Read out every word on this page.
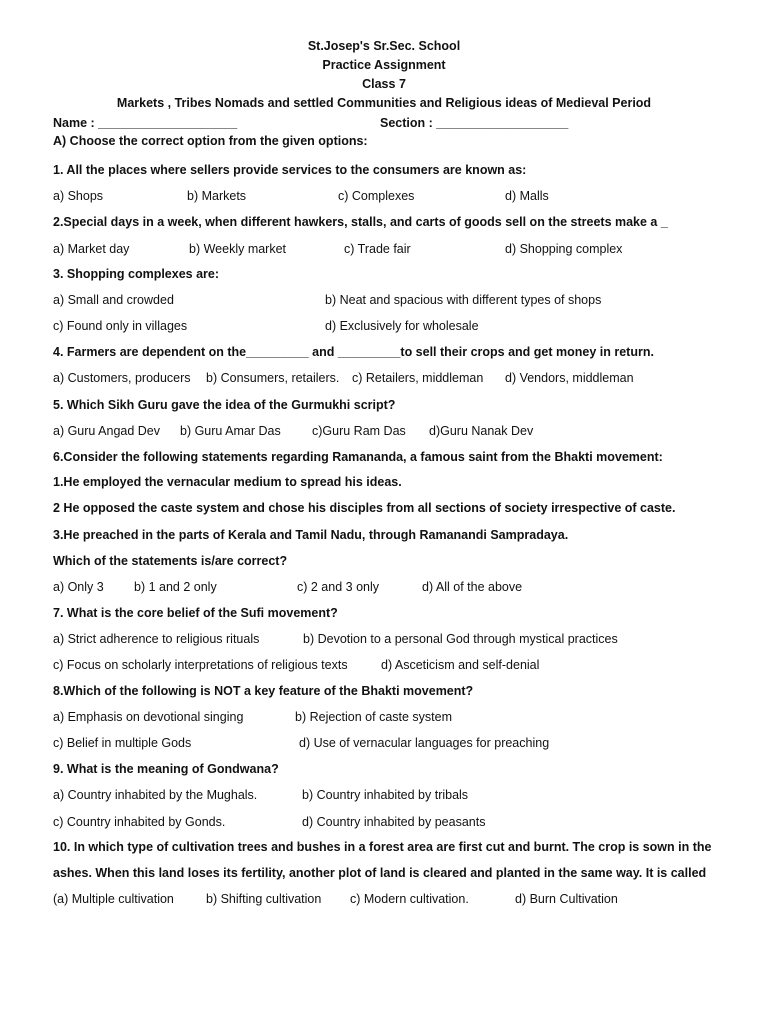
St.Josep's Sr.Sec. School
Practice Assignment
Class 7
Markets , Tribes Nomads and settled Communities and Religious ideas of Medieval Period
Name : ____________________	Section : ___________________
A) Choose the correct option from the given options:
1. All the places where sellers provide services to the consumers are known as:
a) Shops	b) Markets	c) Complexes	d) Malls
2.Special days in a week, when different hawkers, stalls, and carts of goods sell on the streets make a _
a) Market day	b) Weekly market	c) Trade fair	d) Shopping complex
3. Shopping complexes are:
a) Small and crowded	b) Neat and spacious with different types of shops
c) Found only in villages	d) Exclusively for wholesale
4. Farmers are dependent on the_________ and _________to sell their crops and get money in return.
a) Customers, producers b) Consumers, retailers. c) Retailers, middleman d) Vendors, middleman
5. Which Sikh Guru gave the idea of the Gurmukhi script?
a) Guru Angad Dev b) Guru Amar Das	c)Guru Ram Das d)Guru Nanak Dev
6.Consider the following statements regarding Ramananda, a famous saint from the Bhakti movement:
1.He employed the vernacular medium to spread his ideas.
2 He opposed the caste system and chose his disciples from all sections of society irrespective of caste.
3.He preached in the parts of Kerala and Tamil Nadu, through Ramanandi Sampradaya.
Which of the statements is/are correct?
a) Only 3 b) 1 and 2 only	c) 2 and 3 only	d) All of the above
7. What is the core belief of the Sufi movement?
a) Strict adherence to religious rituals	b) Devotion to a personal God through mystical practices
c) Focus on scholarly interpretations of religious texts	d) Asceticism and self-denial
8.Which of the following is NOT a key feature of the Bhakti movement?
a) Emphasis on devotional singing	b) Rejection of caste system
c) Belief in multiple Gods	d) Use of vernacular languages for preaching
9. What is the meaning of Gondwana?
a) Country inhabited by the Mughals.	b) Country inhabited by tribals
c) Country inhabited by Gonds.	d) Country inhabited by peasants
10. In which type of cultivation trees and bushes in a forest area are first cut and burnt. The crop is sown in the
ashes. When this land loses its fertility, another plot of land is cleared and planted in the same way. It is called
(a) Multiple cultivation	b) Shifting cultivation c) Modern cultivation.	d) Burn Cultivation
